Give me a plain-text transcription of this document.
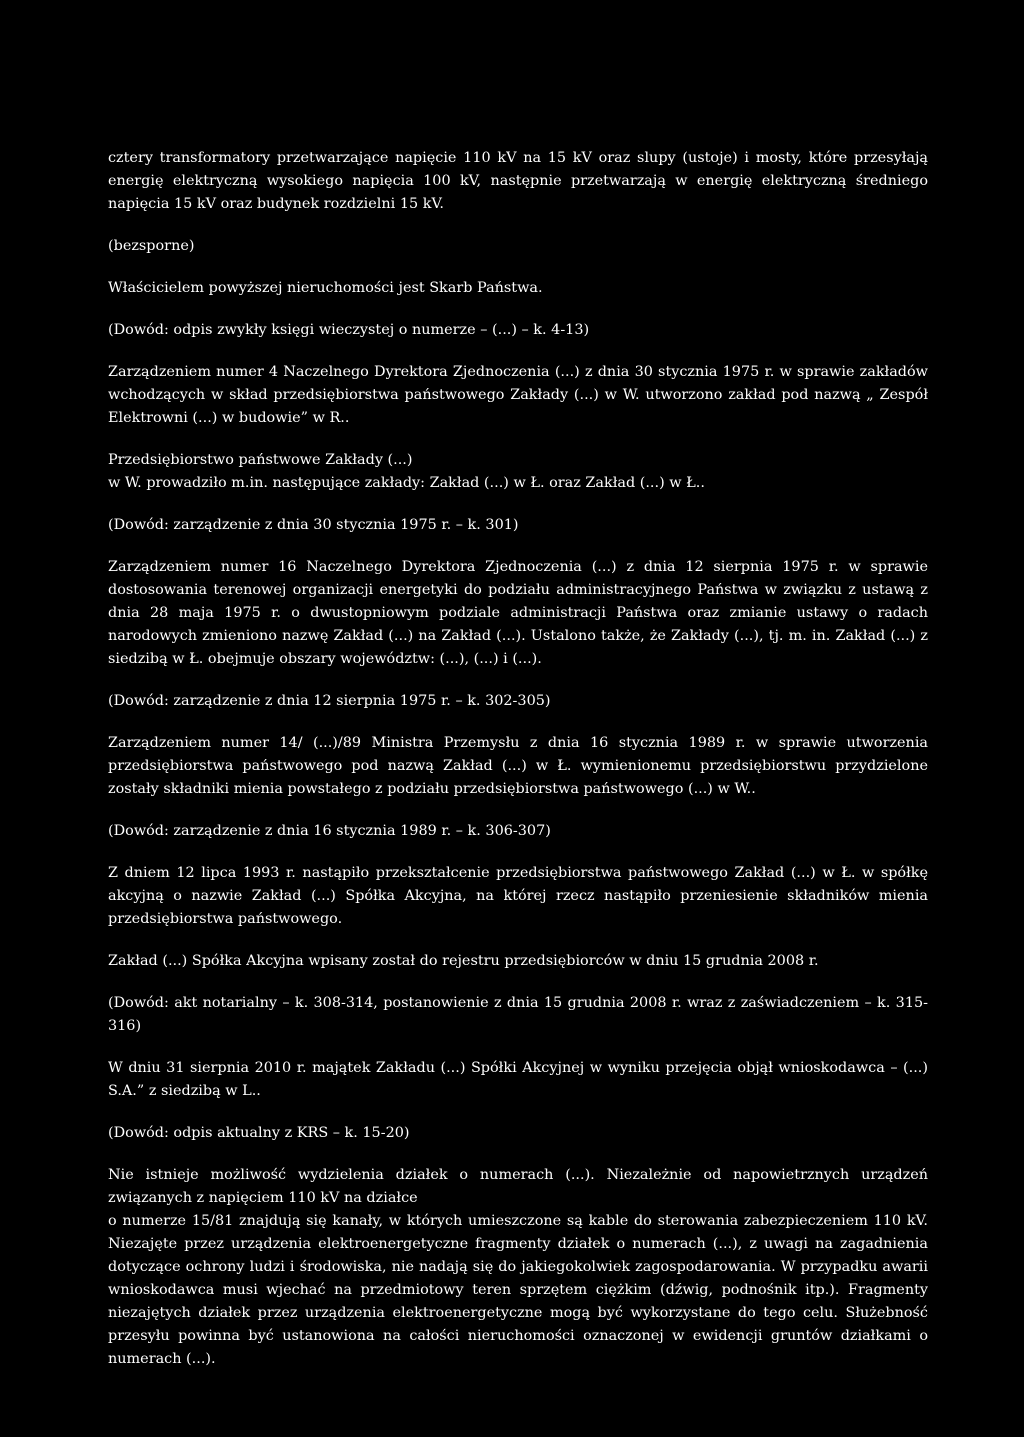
cztery transformatory przetwarzające napięcie 110 kV na 15 kV oraz slupy (ustoje) i mosty, które przesyłają energię elektryczną wysokiego napięcia 100 kV, następnie przetwarzają w energię elektryczną średniego napięcia 15 kV oraz budynek rozdzielni 15 kV.

(bezsporne)

Właścicielem powyższej nieruchomości jest Skarb Państwa.

(Dowód: odpis zwykły księgi wieczystej o numerze – (...) – k. 4-13)

Zarządzeniem numer 4 Naczelnego Dyrektora Zjednoczenia (...) z dnia 30 stycznia 1975 r. w sprawie zakładów wchodzących w skład przedsiębiorstwa państwowego Zakłady (...) w W. utworzono zakład pod nazwą „ Zespół Elektrowni (...) w budowie” w R..

Przedsiębiorstwo państwowe Zakłady (...)

w W. prowadziło m.in. następujące zakłady: Zakład (...) w Ł. oraz Zakład (...) w Ł..

(Dowód: zarządzenie z dnia 30 stycznia 1975 r. – k. 301)

Zarządzeniem numer 16 Naczelnego Dyrektora Zjednoczenia (...) z dnia 12 sierpnia 1975 r. w sprawie dostosowania terenowej organizacji energetyki do podziału administracyjnego Państwa w związku z ustawą z dnia 28 maja 1975 r. o dwustopniowym podziale administracji Państwa oraz zmianie ustawy o radach narodowych zmieniono nazwę Zakład (...) na Zakład (...). Ustalono także, że Zakłady (...), tj. m. in. Zakład (...) z siedzibą w Ł. obejmuje obszary województw: (...), (...) i (...).

(Dowód: zarządzenie z dnia 12 sierpnia 1975 r. – k. 302-305)

Zarządzeniem numer 14/ (...)/89 Ministra Przemysłu z dnia 16 stycznia 1989 r. w sprawie utworzenia przedsiębiorstwa państwowego pod nazwą Zakład (...) w Ł. wymienionemu przedsiębiorstwu przydzielone zostały składniki mienia powstałego z podziału przedsiębiorstwa państwowego (...) w W..

(Dowód: zarządzenie z dnia 16 stycznia 1989 r. – k. 306-307)

Z dniem 12 lipca 1993 r. nastąpiło przekształcenie przedsiębiorstwa państwowego Zakład (...) w Ł. w spółkę akcyjną o nazwie Zakład (...) Spółka Akcyjna, na której rzecz nastąpiło przeniesienie składników mienia przedsiębiorstwa państwowego.

Zakład (...) Spółka Akcyjna wpisany został do rejestru przedsiębiorców w dniu 15 grudnia 2008 r.

(Dowód: akt notarialny – k. 308-314, postanowienie z dnia 15 grudnia 2008 r. wraz z zaświadczeniem – k. 315-316)

W dniu 31 sierpnia 2010 r. majątek Zakładu (...) Spółki Akcyjnej w wyniku przejęcia objął wnioskodawca – (...) S.A.” z siedzibą w L..

(Dowód: odpis aktualny z KRS – k. 15-20)

Nie istnieje możliwość wydzielenia działek o numerach (...). Niezależnie od napowietrznych urządzeń związanych z napięciem 110 kV na działce

o numerze 15/81 znajdują się kanały, w których umieszczone są kable do sterowania zabezpieczeniem 110 kV. Niezajęte przez urządzenia elektroenergetyczne fragmenty działek o numerach (...), z uwagi na zagadnienia dotyczące ochrony ludzi i środowiska, nie nadają się do jakiegokolwiek zagospodarowania. W przypadku awarii wnioskodawca musi wjechać na przedmiotowy teren sprzętem ciężkim (dźwig, podnośnik itp.). Fragmenty niezajętych działek przez urządzenia elektroenergetyczne mogą być wykorzystane do tego celu. Służebność przesyłu powinna być ustanowiona na całości nieruchomości oznaczonej w ewidencji gruntów działkami o numerach (...).
